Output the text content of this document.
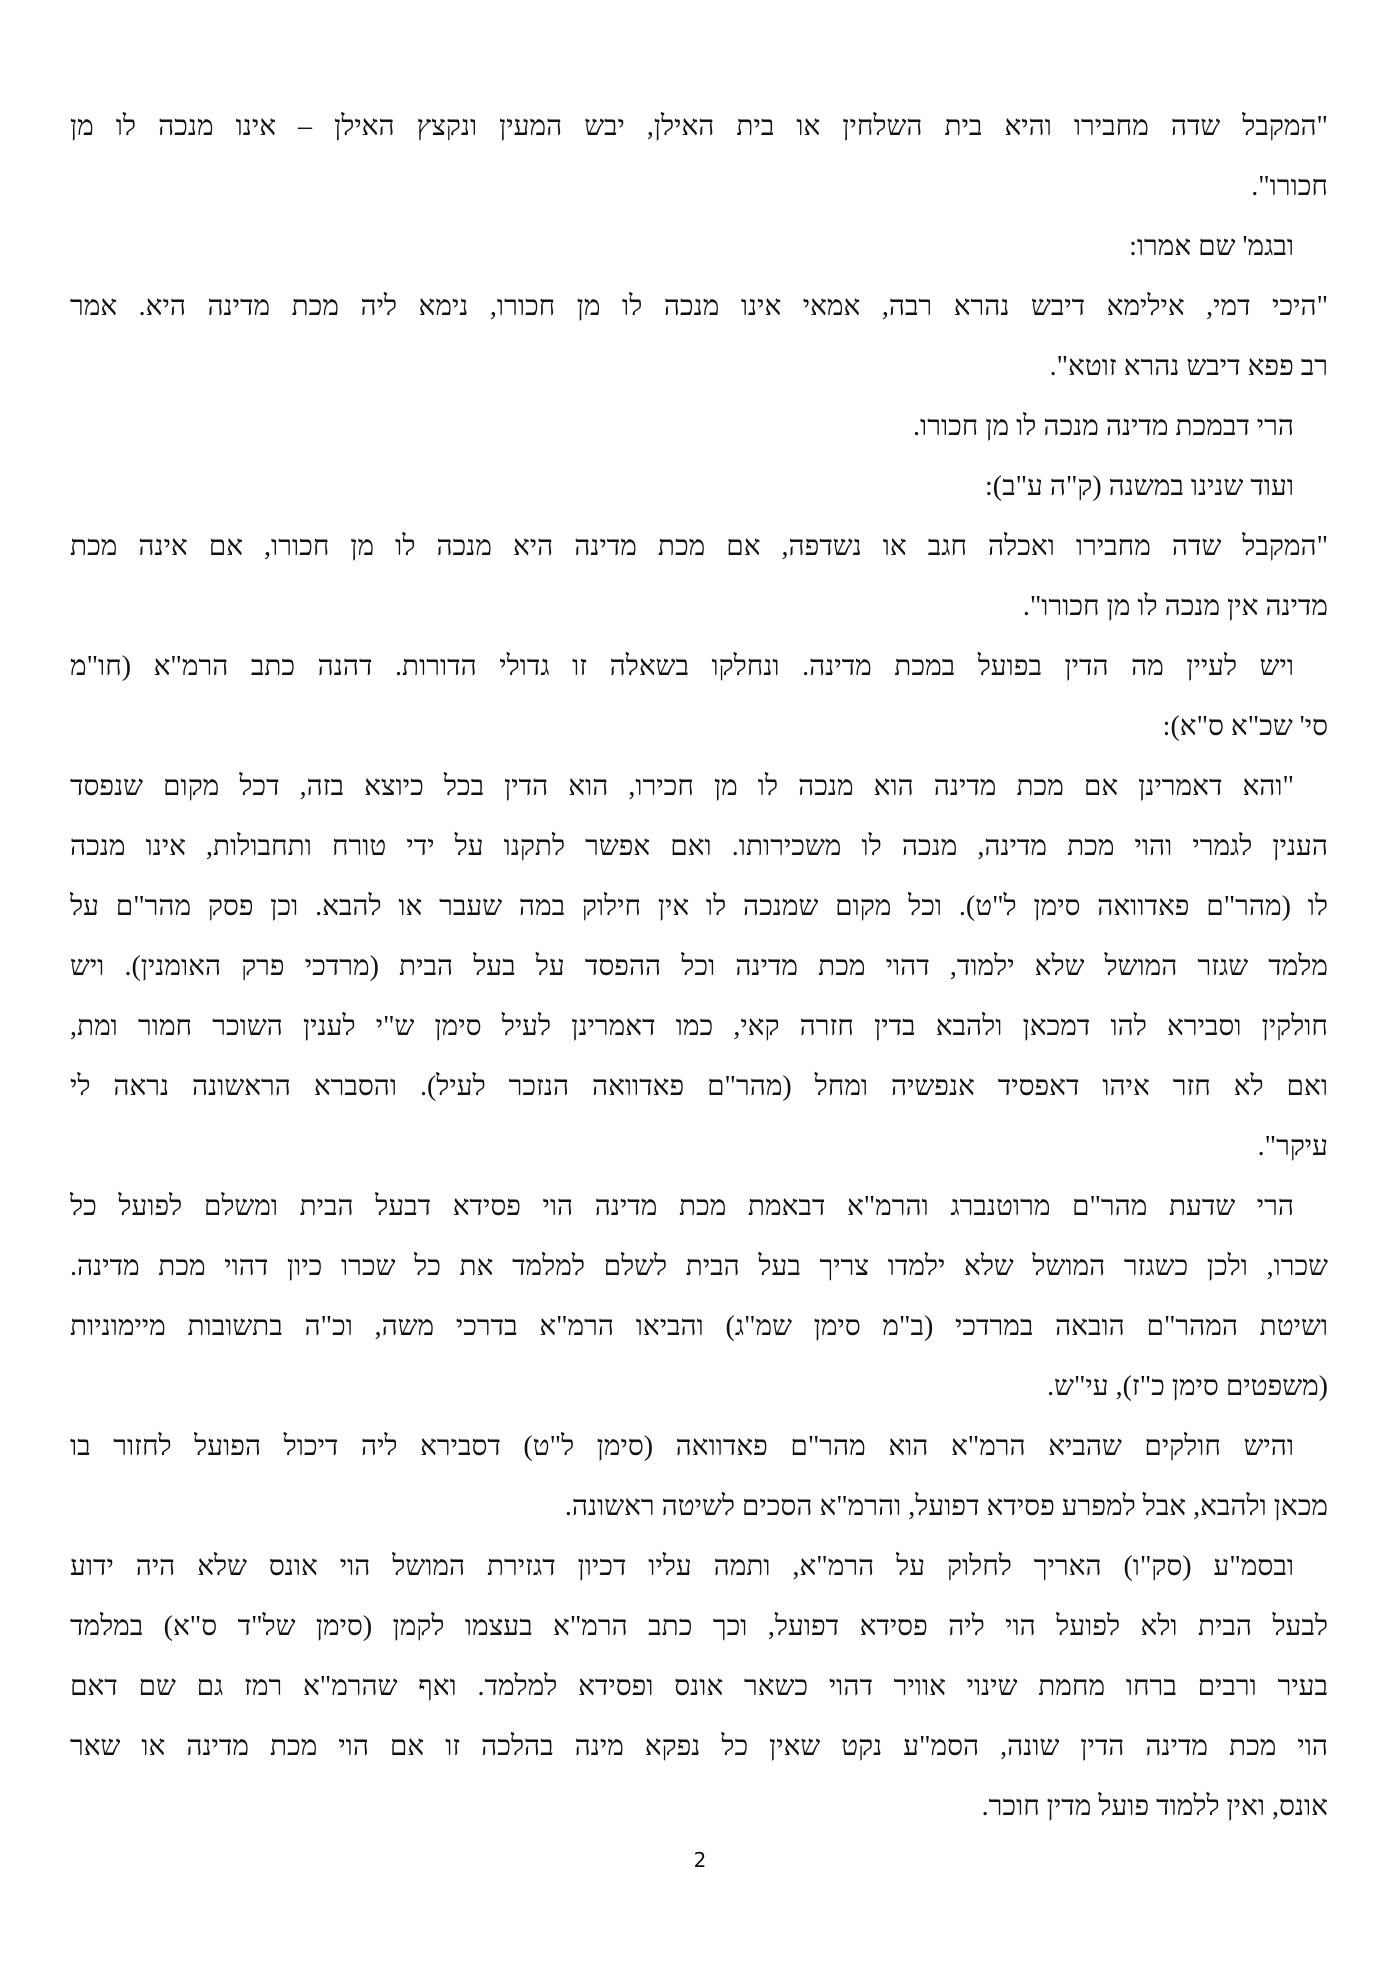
"המקבל שדה מחבירו והיא בית השלחין או בית האילן, יבש המעין ונקצץ האילן – אינו מנכה לו מן
חכורו".
ובגמ' שם אמרו:
"היכי דמי, אילימא דיבש נהרא רבה, אמאי אינו מנכה לו מן חכורו, נימא ליה מכת מדינה היא. אמר
רב פפא דיבש נהרא זוטא".
הרי דבמכת מדינה מנכה לו מן חכורו.
ועוד שנינו במשנה (ק"ה ע"ב):
"המקבל שדה מחבירו ואכלה חגב או נשדפה, אם מכת מדינה היא מנכה לו מן חכורו, אם אינה מכת
מדינה אין מנכה לו מן חכורו".
ויש לעיין מה הדין בפועל במכת מדינה. ונחלקו בשאלה זו גדולי הדורות. דהנה כתב הרמ"א (חו"מ
סי' שכ"א ס"א):
"והא דאמרינן אם מכת מדינה הוא מנכה לו מן חכירו, הוא הדין בכל כיוצא בזה, דכל מקום שנפסד
הענין לגמרי והוי מכת מדינה, מנכה לו משכירותו. ואם אפשר לתקנו על ידי טורח ותחבולות, אינו מנכה
לו (מהר"ם פאדוואה סימן ל"ט). וכל מקום שמנכה לו אין חילוק במה שעבר או להבא. וכן פסק מהר"ם על
מלמד שגזר המושל שלא ילמוד, דהוי מכת מדינה וכל ההפסד על בעל הבית (מרדכי פרק האומנין). ויש
חולקין וסבירא להו דמכאן ולהבא בדין חזרה קאי, כמו דאמרינן לעיל סימן ש"י לענין השוכר חמור ומת,
ואם לא חזר איהו דאפסיד אנפשיה ומחל (מהר"ם פאדוואה הנזכר לעיל). והסברא הראשונה נראה לי
עיקר".
הרי שדעת מהר"ם מרוטנברג והרמ"א דבאמת מכת מדינה הוי פסידא דבעל הבית ומשלם לפועל כל
שכרו, ולכן כשגזר המושל שלא ילמדו צריך בעל הבית לשלם למלמד את כל שכרו כיון דהוי מכת מדינה.
ושיטת המהר"ם הובאה במרדכי (ב"מ סימן שמ"ג) והביאו הרמ"א בדרכי משה, וכ"ה בתשובות מיימוניות
(משפטים סימן כ"ז), עי"ש.
והיש חולקים שהביא הרמ"א הוא מהר"ם פאדוואה (סימן ל"ט) דסבירא ליה דיכול הפועל לחזור בו
מכאן ולהבא, אבל למפרע פסידא דפועל, והרמ"א הסכים לשיטה ראשונה.
ובסמ"ע (סק"ו) האריך לחלוק על הרמ"א, ותמה עליו דכיון דגזירת המושל הוי אונס שלא היה ידוע
לבעל הבית ולא לפועל הוי ליה פסידא דפועל, וכך כתב הרמ"א בעצמו לקמן (סימן של"ד ס"א) במלמד
בעיר ורבים ברחו מחמת שינוי אוויר דהוי כשאר אונס ופסידא למלמד. ואף שהרמ"א רמז גם שם דאם
הוי מכת מדינה הדין שונה, הסמ"ע נקט שאין כל נפקא מינה בהלכה זו אם הוי מכת מדינה או שאר
אונס, ואין ללמוד פועל מדין חוכר.
2
